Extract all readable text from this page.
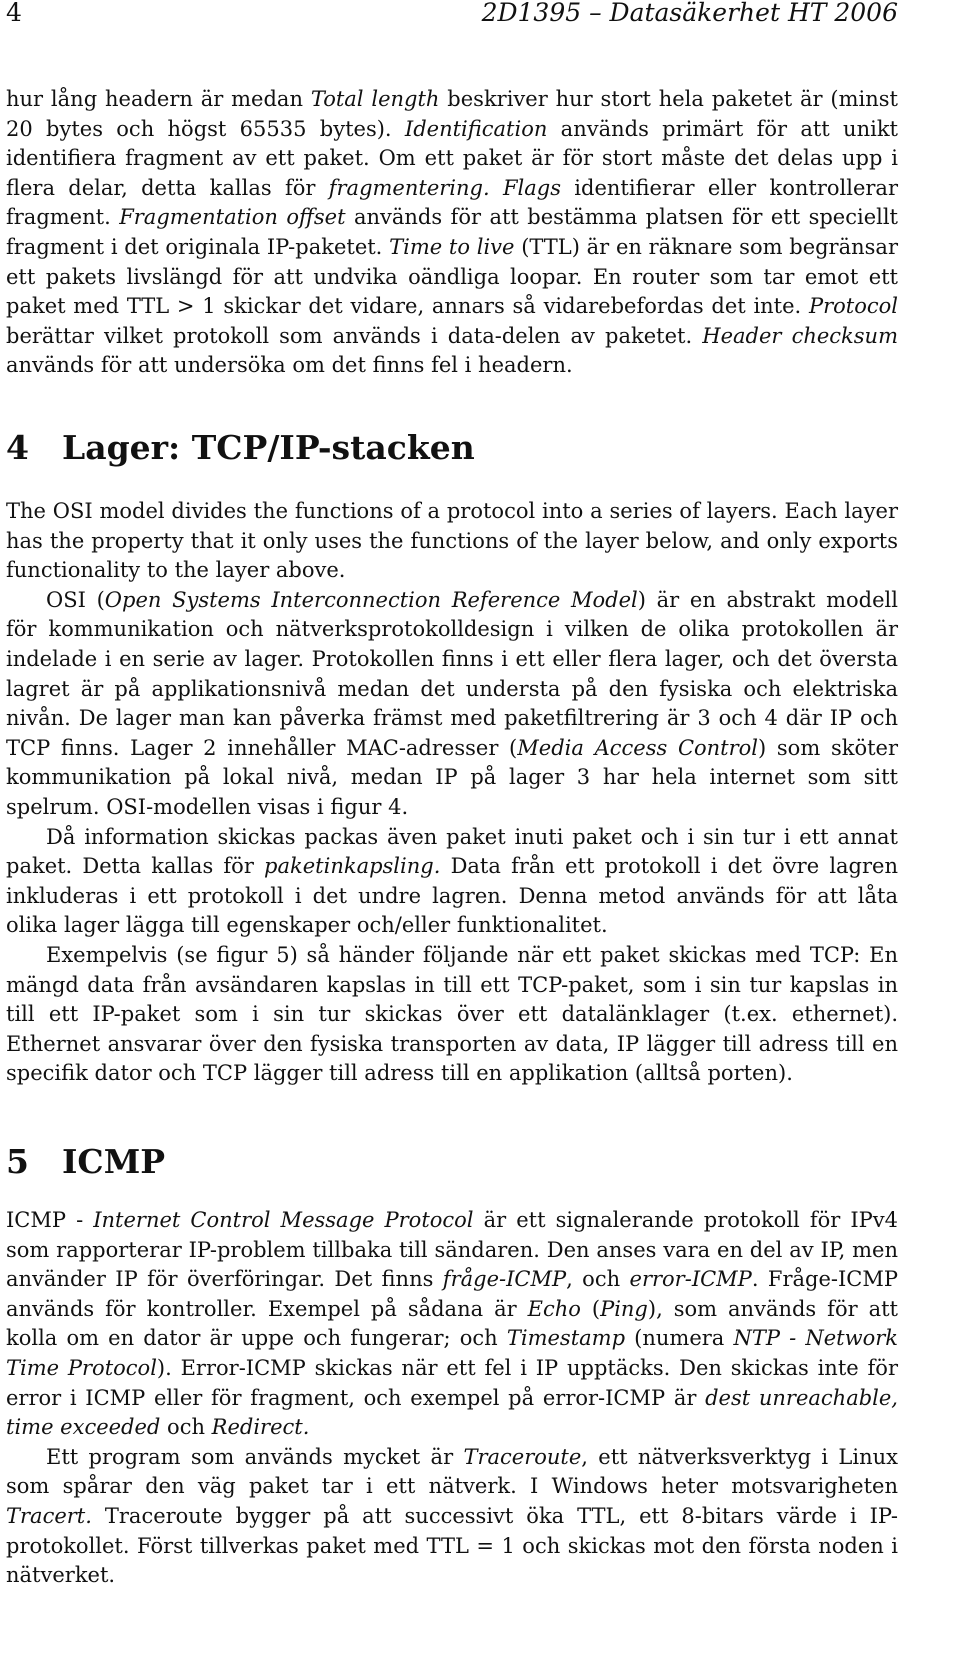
4	2D1395 – Datasäkerhet HT 2006

hur lång headern är medan Total length beskriver hur stort hela paketet är (minst 20 bytes och högst 65535 bytes). Identification används primärt för att unikt identifiera fragment av ett paket. Om ett paket är för stort måste det delas upp i flera delar, detta kallas för fragmentering. Flags identifierar eller kontrollerar fragment. Fragmentation offset används för att bestämma platsen för ett speciellt fragment i det originala IP-paketet. Time to live (TTL) är en räknare som begränsar ett pakets livslängd för att undvika oändliga loopar. En router som tar emot ett paket med TTL > 1 skickar det vidare, annars så vidarebefordas det inte. Protocol berättar vilket protokoll som används i data-delen av paketet. Header checksum används för att undersöka om det finns fel i headern.

4 Lager: TCP/IP-stacken

The OSI model divides the functions of a protocol into a series of layers. Each layer has the property that it only uses the functions of the layer below, and only exports functionality to the layer above.

OSI (Open Systems Interconnection Reference Model) är en abstrakt modell för kommunikation och nätverksprotokolldesign i vilken de olika protokollen är indelade i en serie av lager. Protokollen finns i ett eller flera lager, och det översta lagret är på applikationsnivå medan det understa på den fysiska och elektriska nivån. De lager man kan påverka främst med paketfiltrering är 3 och 4 där IP och TCP finns. Lager 2 innehåller MAC-adresser (Media Access Control) som sköter kommunikation på lokal nivå, medan IP på lager 3 har hela internet som sitt spelrum. OSI-modellen visas i figur 4.

Då information skickas packas även paket inuti paket och i sin tur i ett annat paket. Detta kallas för paketinkapsling. Data från ett protokoll i det övre lagren inkluderas i ett protokoll i det undre lagren. Denna metod används för att låta olika lager lägga till egenskaper och/eller funktionalitet.

Exempelvis (se figur 5) så händer följande när ett paket skickas med TCP: En mängd data från avsändaren kapslas in till ett TCP-paket, som i sin tur kapslas in till ett IP-paket som i sin tur skickas över ett datalänklager (t.ex. ethernet). Ethernet ansvarar över den fysiska transporten av data, IP lägger till adress till en specifik dator och TCP lägger till adress till en applikation (alltså porten).

5 ICMP

ICMP - Internet Control Message Protocol är ett signalerande protokoll för IPv4 som rapporterar IP-problem tillbaka till sändaren. Den anses vara en del av IP, men använder IP för överföringar. Det finns fråge-ICMP, och error-ICMP. Fråge-ICMP används för kontroller. Exempel på sådana är Echo (Ping), som används för att kolla om en dator är uppe och fungerar; och Timestamp (numera NTP - Network Time Protocol). Error-ICMP skickas när ett fel i IP upptäcks. Den skickas inte för error i ICMP eller för fragment, och exempel på error-ICMP är dest unreachable, time exceeded och Redirect.

Ett program som används mycket är Traceroute, ett nätverksverktyg i Linux som spårar den väg paket tar i ett nätverk. I Windows heter motsvarigheten Tracert. Traceroute bygger på att successivt öka TTL, ett 8-bitars värde i IP-protokollet. Först tillverkas paket med TTL = 1 och skickas mot den första noden i nätverket.
